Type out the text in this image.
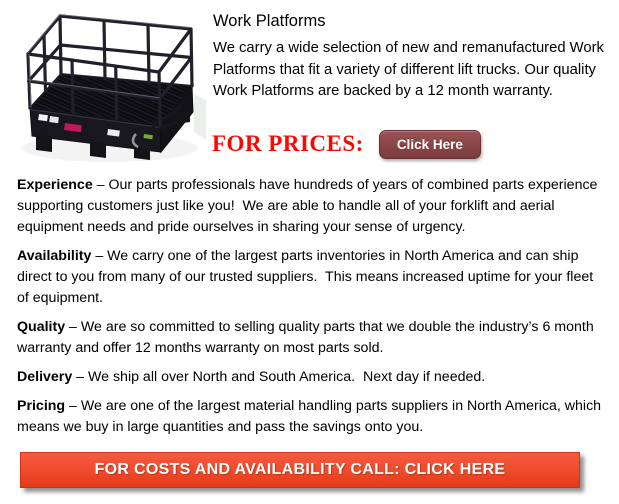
Work Platforms

We carry a wide selection of new and remanufactured Work Platforms that fit a variety of different lift trucks. Our quality Work Platforms are backed by a 12 month warranty.

FOR PRICES:	Click Here

Experience – Our parts professionals have hundreds of years of combined parts experience supporting customers just like you!  We are able to handle all of your forklift and aerial equipment needs and pride ourselves in sharing your sense of urgency.

Availability – We carry one of the largest parts inventories in North America and can ship direct to you from many of our trusted suppliers.  This means increased uptime for your fleet of equipment.

Quality – We are so committed to selling quality parts that we double the industry’s 6 month warranty and offer 12 months warranty on most parts sold.

Delivery – We ship all over North and South America.  Next day if needed.

Pricing – We are one of the largest material handling parts suppliers in North America, which means we buy in large quantities and pass the savings onto you.

FOR COSTS AND AVAILABILITY CALL: CLICK HERE
